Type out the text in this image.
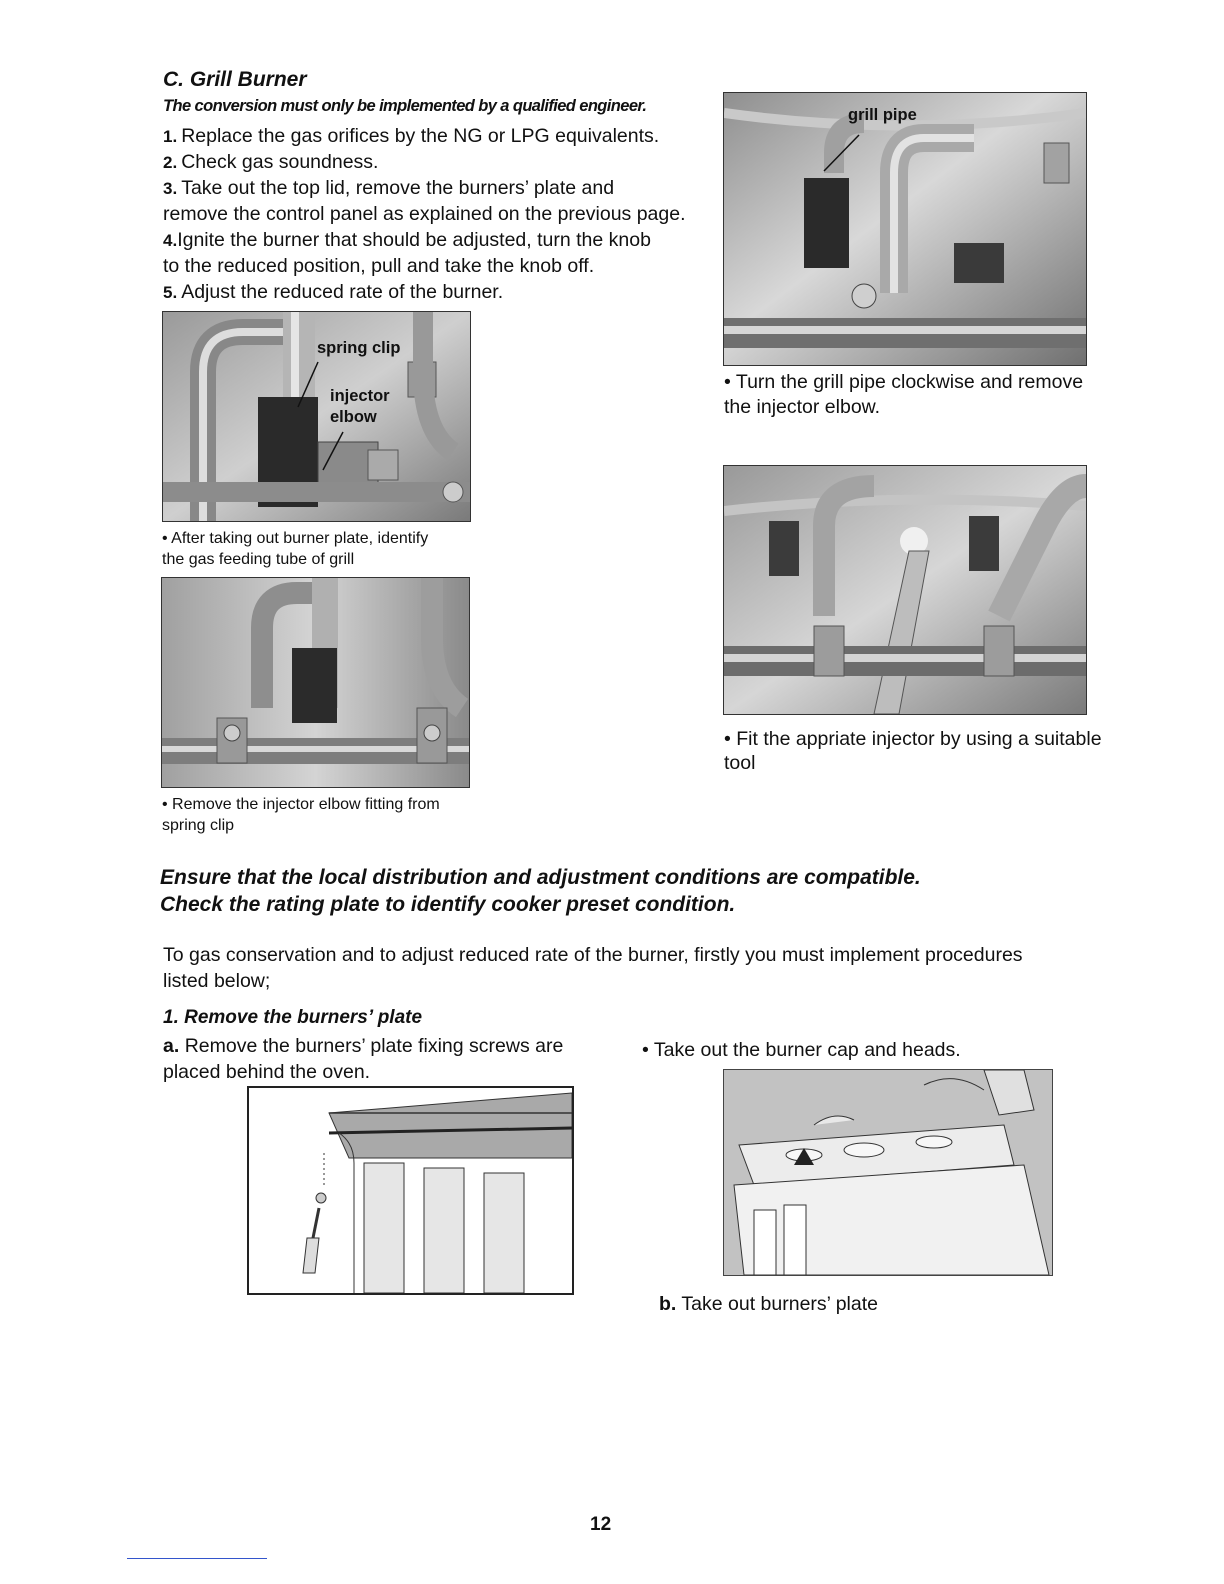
C. Grill Burner
The conversion must only be implemented by a qualified engineer.
1. Replace the gas orifices by the NG or LPG equivalents.
2. Check gas soundness.
3. Take out the top lid, remove the burners’ plate and
remove the control panel as explained on the previous page.
4.Ignite the burner that should be adjusted, turn the knob
to the reduced position, pull and take the knob off.
5. Adjust the reduced rate of the burner.
spring clip
injector
elbow
• After taking out burner plate, identify
the gas feeding tube of grill
• Remove the injector elbow fitting from
spring clip
grill pipe
• Turn the grill pipe clockwise and remove
the injector elbow.
• Fit the appriate injector by using a suitable
tool
Ensure that the local distribution and adjustment conditions are compatible.
Check the rating plate to identify cooker preset condition.
To gas conservation and to adjust reduced rate of the burner, firstly you must implement procedures
listed below;
1. Remove the burners’ plate
a. Remove the burners’ plate fixing screws are
placed behind the oven.
• Take out the burner cap and heads.
b. Take out burners’ plate
12
